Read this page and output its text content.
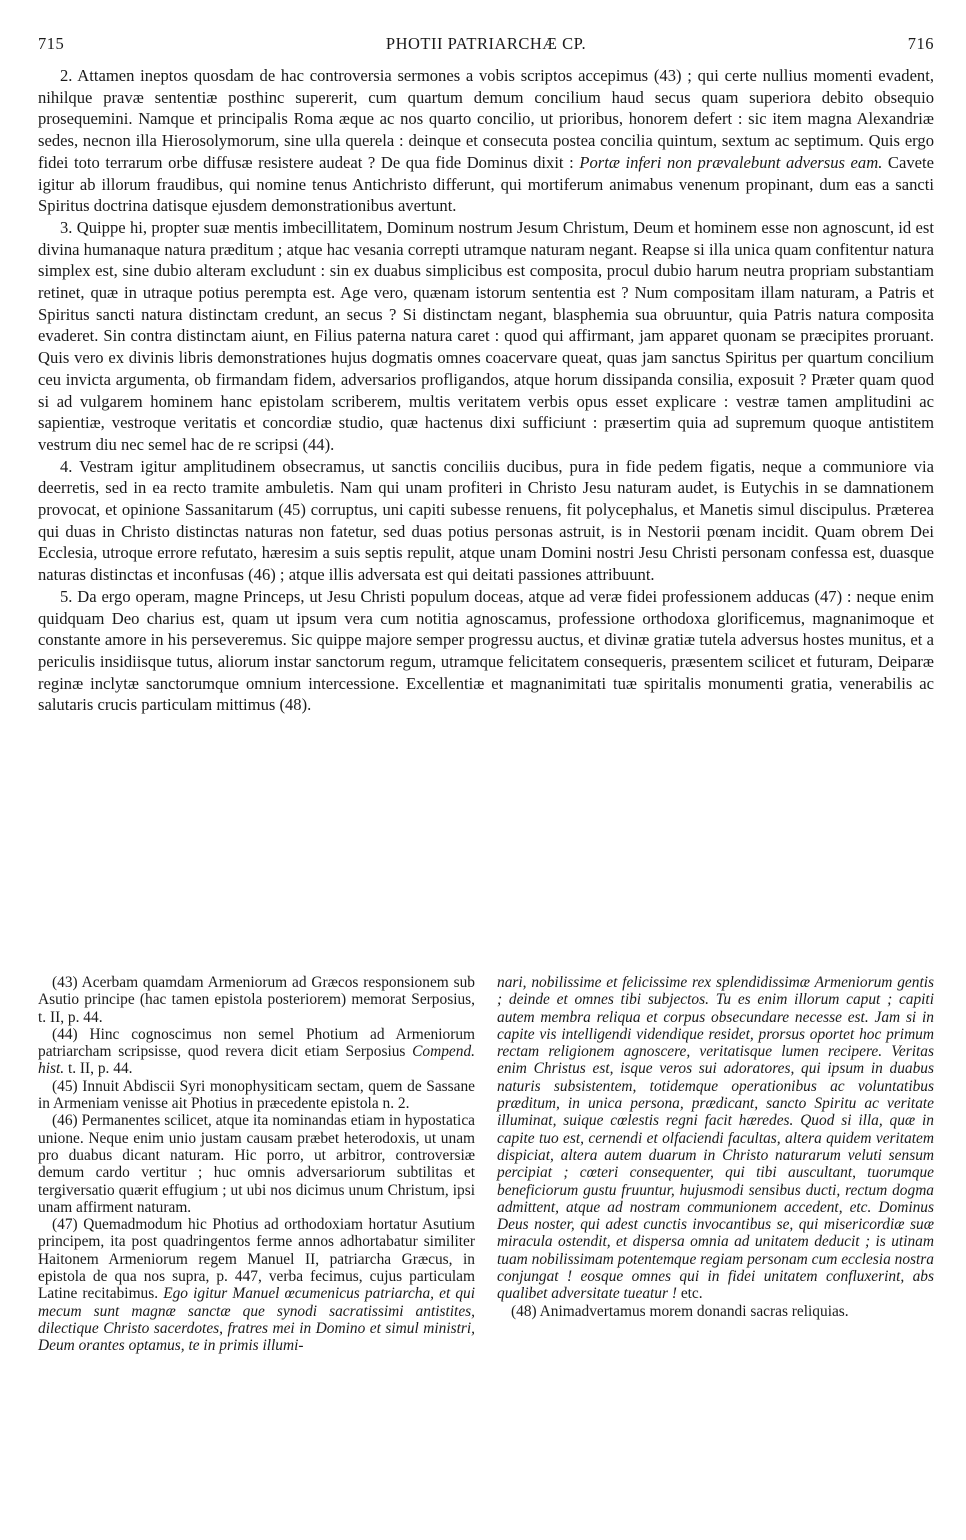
715	PHOTII PATRIARCHÆ CP.	716

2. Attamen ineptos quosdam de hac controversia sermones a vobis scriptos accepimus (43) ; qui certe nullius momenti evadent, nihilque pravæ sententiæ posthinc supererit, cum quartum demum concilium haud secus quam superiora debito obsequio prosequemini. Namque et principalis Roma æque ac nos quarto concilio, ut prioribus, honorem defert : sic item magna Alexandriæ sedes, necnon illa Hierosolymorum, sine ulla querela : deinque et consecuta postea concilia quintum, sextum ac septimum. Quis ergo fidei toto terrarum orbe diffusæ resistere audeat ? De qua fide Dominus dixit : Portæ inferi non prævalebunt adversus eam. Cavete igitur ab illorum fraudibus, qui nomine tenus Antichristo differunt, qui mortiferum animabus venenum propinant, dum eas a sancti Spiritus doctrina datisque ejusdem demonstrationibus avertunt.

3. Quippe hi, propter suæ mentis imbecillitatem, Dominum nostrum Jesum Christum, Deum et hominem esse non agnoscunt, id est divina humanaque natura præditum ; atque hac vesania correpti utramque naturam negant. Reapse si illa unica quam confitentur natura simplex est, sine dubio alteram excludunt : sin ex duabus simplicibus est composita, procul dubio harum neutra propriam substantiam retinet, quæ in utraque potius perempta est. Age vero, quænam istorum sententia est ? Num compositam illam naturam, a Patris et Spiritus sancti natura distinctam credunt, an secus ? Si distinctam negant, blasphemia sua obruuntur, quia Patris natura composita evaderet. Sin contra distinctam aiunt, en Filius paterna natura caret : quod qui affirmant, jam apparet quonam se præcipites proruant. Quis vero ex divinis libris demonstrationes hujus dogmatis omnes coacervare queat, quas jam sanctus Spiritus per quartum concilium ceu invicta argumenta, ob firmandam fidem, adversarios profligandos, atque horum dissipanda consilia, exposuit ? Præter quam quod si ad vulgarem hominem hanc epistolam scriberem, multis veritatem verbis opus esset explicare : vestræ tamen amplitudini ac sapientiæ, vestroque veritatis et concordiæ studio, quæ hactenus dixi sufficiunt : præsertim quia ad supremum quoque antistitem vestrum diu nec semel hac de re scripsi (44).

4. Vestram igitur amplitudinem obsecramus, ut sanctis conciliis ducibus, pura in fide pedem figatis, neque a communiore via deerretis, sed in ea recto tramite ambuletis. Nam qui unam profiteri in Christo Jesu naturam audet, is Eutychis in se damnationem provocat, et opinione Sassanitarum (45) corruptus, uni capiti subesse renuens, fit polycephalus, et Manetis simul discipulus. Præterea qui duas in Christo distinctas naturas non fatetur, sed duas potius personas astruit, is in Nestorii pœnam incidit. Quam obrem Dei Ecclesia, utroque errore refutato, hæresim a suis septis repulit, atque unam Domini nostri Jesu Christi personam confessa est, duasque naturas distinctas et inconfusas (46) ; atque illis adversata est qui deitati passiones attribuunt.

5. Da ergo operam, magne Princeps, ut Jesu Christi populum doceas, atque ad veræ fidei professionem adducas (47) : neque enim quidquam Deo charius est, quam ut ipsum vera cum notitia agnoscamus, professione orthodoxa glorificemus, magnanimoque et constante amore in his perseveremus. Sic quippe majore semper progressu auctus, et divinæ gratiæ tutela adversus hostes munitus, et a periculis insidiisque tutus, aliorum instar sanctorum regum, utramque felicitatem consequeris, præsentem scilicet et futuram, Deiparæ reginæ inclytæ sanctorumque omnium intercessione. Excellentiæ et magnanimitati tuæ spiritalis monumenti gratia, venerabilis ac salutaris crucis particulam mittimus (48).

(43) Acerbam quamdam Armeniorum ad Græcos responsionem sub Asutio principe (hac tamen epistola posteriorem) memorat Serposius, t. II, p. 44.

(44) Hinc cognoscimus non semel Photium ad Armeniorum patriarcham scripsisse, quod revera dicit etiam Serposius Compend. hist. t. II, p. 44.

(45) Innuit Abdiscii Syri monophysiticam sectam, quem de Sassane in Armeniam venisse ait Photius in præcedente epistola n. 2.

(46) Permanentes scilicet, atque ita nominandas etiam in hypostatica unione. Neque enim unio justam causam præbet heterodoxis, ut unam pro duabus dicant naturam. Hic porro, ut arbitror, controversiæ demum cardo vertitur ; huc omnis adversariorum subtilitas et tergiversatio quærit effugium ; ut ubi nos dicimus unum Christum, ipsi unam affirment naturam.

(47) Quemadmodum hic Photius ad orthodoxiam hortatur Asutium principem, ita post quadringentos ferme annos adhortabatur similiter Haitonem Armeniorum regem Manuel II, patriarcha Græcus, in epistola de qua nos supra, p. 447, verba fecimus, cujus particulam Latine recitabimus. Ego igitur Manuel œcumenicus patriarcha, et qui mecum sunt magnæ sanctæ que synodi sacratissimi antistites, dilectique Christo sacerdotes, fratres mei in Domino et simul ministri, Deum orantes optamus, te in primis illumi-

nari, nobilissime et felicissime rex splendidissimæ Armeniorum gentis ; deinde et omnes tibi subjectos. Tu es enim illorum caput ; capiti autem membra reliqua et corpus obsecundare necesse est. Jam si in capite vis intelligendi videndique residet, prorsus oportet hoc primum rectam religionem agnoscere, veritatisque lumen recipere. Veritas enim Christus est, isque veros sui adoratores, qui ipsum in duabus naturis subsistentem, totidemque operationibus ac voluntatibus præditum, in unica persona, prædicant, sancto Spiritu ac veritate illuminat, suique cœlestis regni facit hæredes. Quod si illa, quæ in capite tuo est, cernendi et olfaciendi facultas, altera quidem veritatem dispiciat, altera autem duarum in Christo naturarum veluti sensum percipiat ; cœteri consequenter, qui tibi auscultant, tuorumque beneficiorum gustu fruuntur, hujusmodi sensibus ducti, rectum dogma admittent, atque ad nostram communionem accedent, etc. Dominus Deus noster, qui adest cunctis invocantibus se, qui misericordiæ suæ miracula ostendit, et dispersa omnia ad unitatem deducit ; is utinam tuam nobilissimam potentemque regiam personam cum ecclesia nostra conjungat ! eosque omnes qui in fidei unitatem confluxerint, abs qualibet adversitate tueatur ! etc.

(48) Animadvertamus morem donandi sacras reliquias.
